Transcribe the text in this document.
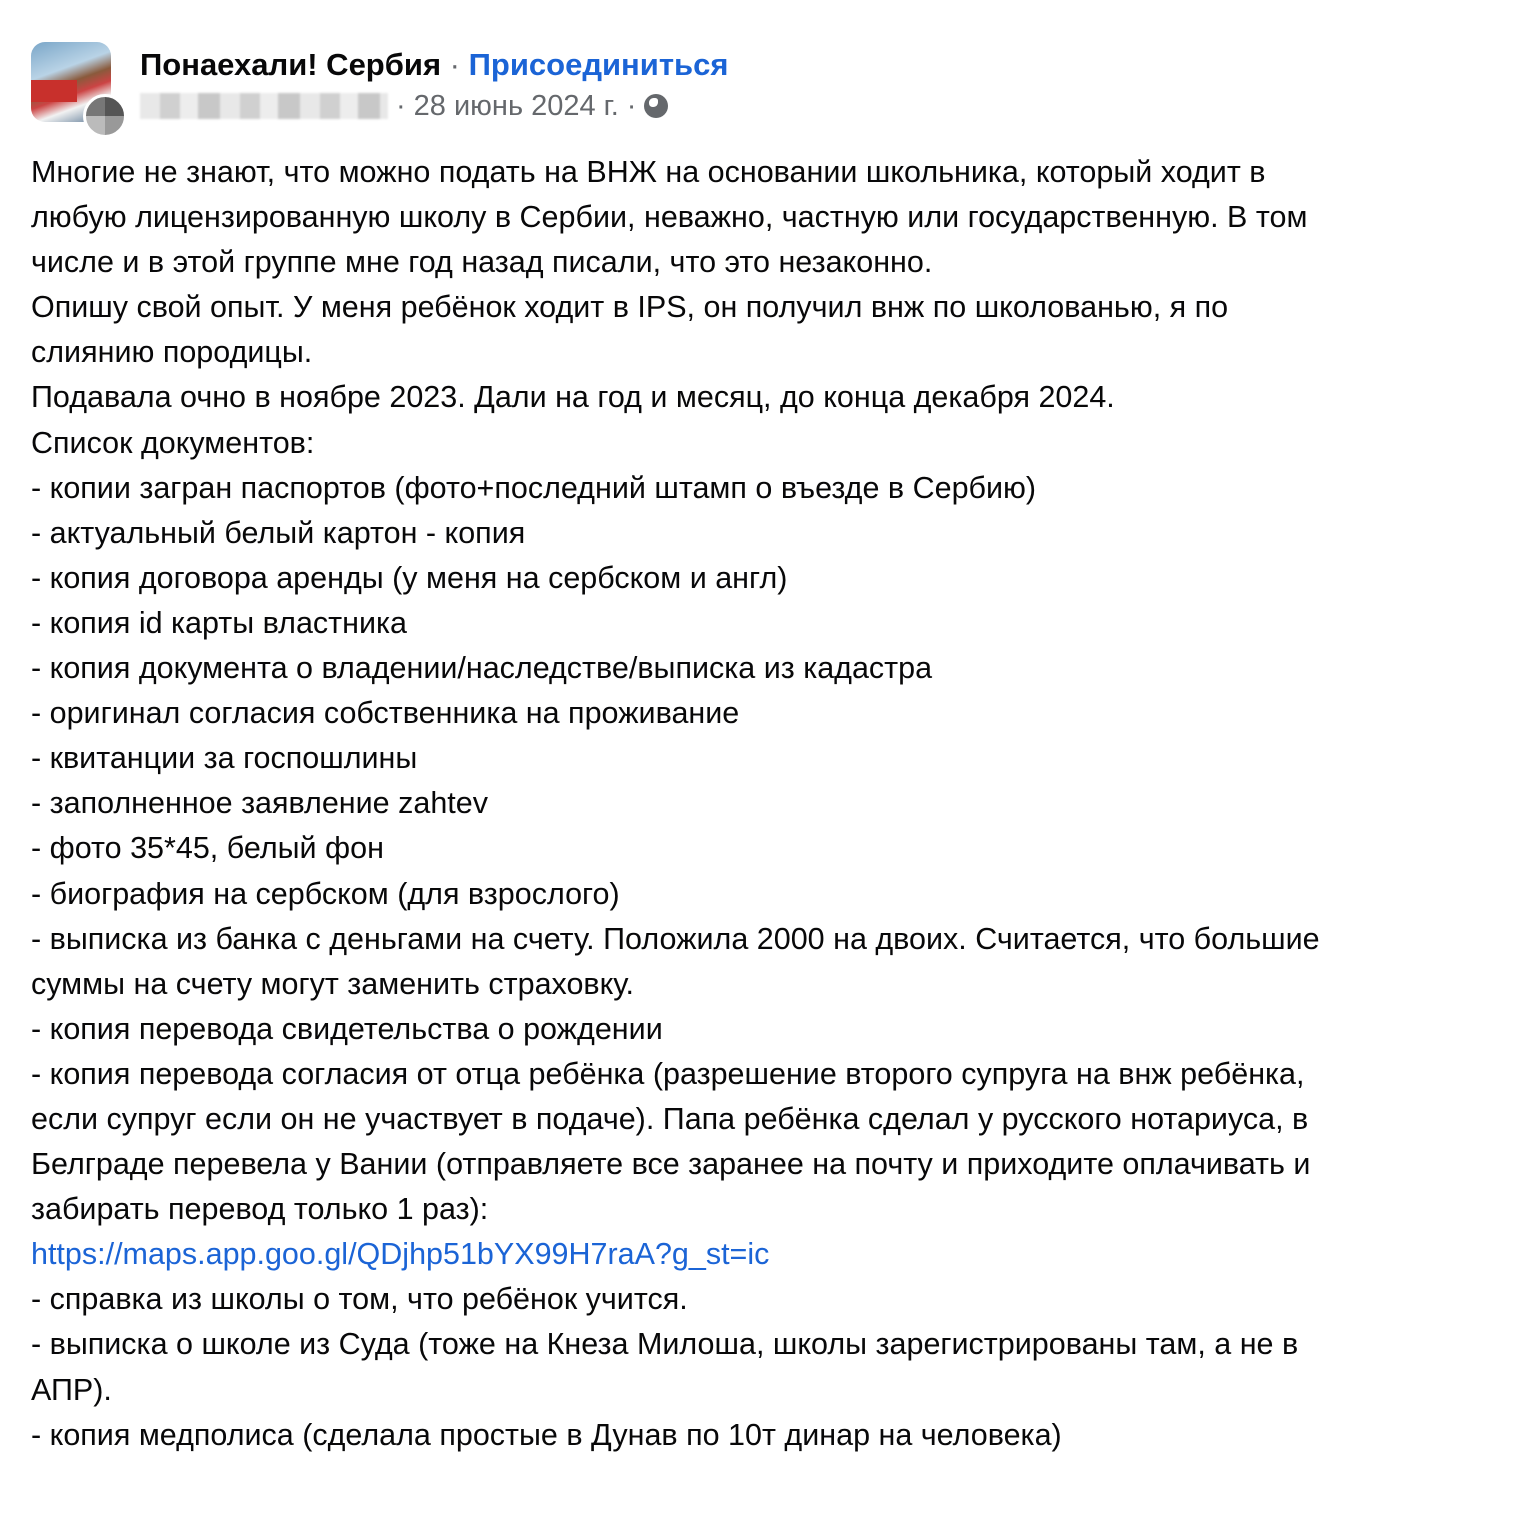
Понаехали! Сербия · Присоединиться
· 28 июнь 2024 г. ·
Многие не знают, что можно подать на ВНЖ на основании школьника, который ходит в
любую лицензированную школу в Сербии, неважно, частную или государственную. В том
числе и в этой группе мне год назад писали, что это незаконно.
Опишу свой опыт. У меня ребёнок ходит в IPS, он получил внж по школованью, я по
слиянию породицы.
Подавала очно в ноябре 2023. Дали на год и месяц, до конца декабря 2024.
Список документов:
- копии загран паспортов (фото+последний штамп о въезде в Сербию)
- актуальный белый картон - копия
- копия договора аренды (у меня на сербском и англ)
- копия id карты властника
- копия документа о владении/наследстве/выписка из кадастра
- оригинал согласия собственника на проживание
- квитанции за госпошлины
- заполненное заявление zahtev
- фото 35*45, белый фон
- биография на сербском (для взрослого)
- выписка из банка с деньгами на счету. Положила 2000 на двоих. Считается, что большие
суммы на счету могут заменить страховку.
- копия перевода свидетельства о рождении
- копия перевода согласия от отца ребёнка (разрешение второго супруга на внж ребёнка,
если супруг если он не участвует в подаче). Папа ребёнка сделал у русского нотариуса, в
Белграде перевела у Вании (отправляете все заранее на почту и приходите оплачивать и
забирать перевод только 1 раз):
https://maps.app.goo.gl/QDjhp51bYX99H7raA?g_st=ic
- справка из школы о том, что ребёнок учится.
- выписка о школе из Суда (тоже на Кнеза Милоша, школы зарегистрированы там, а не в
АПР).
- копия медполиса (сделала простые в Дунав по 10т динар на человека)
